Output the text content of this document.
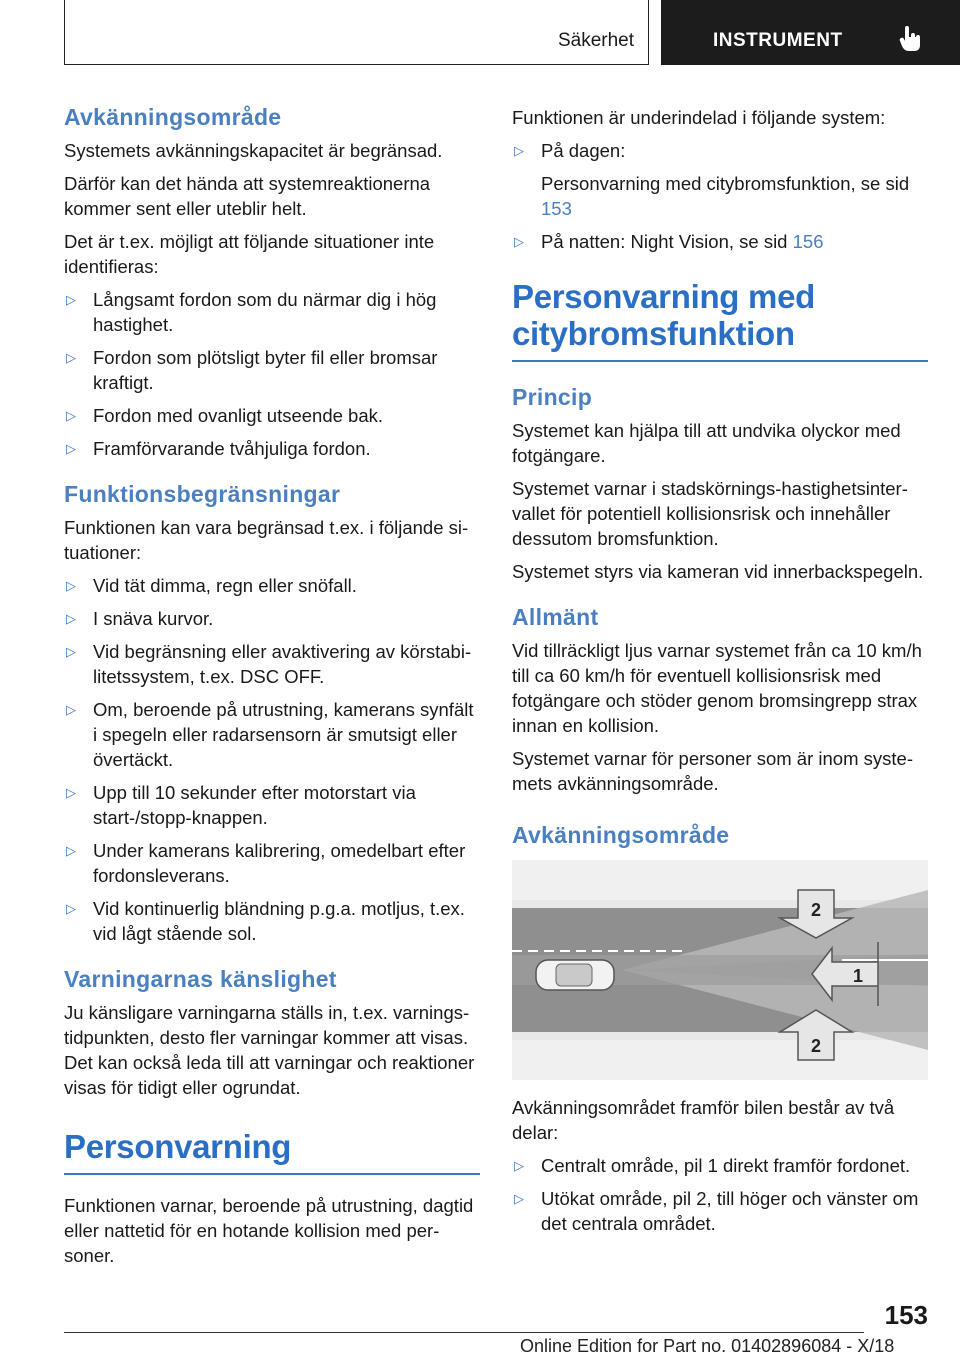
Säkerhet	INSTRUMENT
Avkänningsområde

Systemets avkänningskapacitet är begränsad.

Därför kan det hända att systemreaktionerna kommer sent eller uteblir helt.

Det är t.ex. möjligt att följande situationer inte identifieras:

▷ Långsamt fordon som du närmar dig i hög hastighet.
▷ Fordon som plötsligt byter fil eller bromsar kraftigt.
▷ Fordon med ovanligt utseende bak.
▷ Framförvarande tvåhjuliga fordon.
Funktionsbegränsningar

Funktionen kan vara begränsad t.ex. i följande situationer:

▷ Vid tät dimma, regn eller snöfall.
▷ I snäva kurvor.
▷ Vid begränsning eller avaktivering av körstabilitetssystem, t.ex. DSC OFF.
▷ Om, beroende på utrustning, kamerans synfält i spegeln eller radarsensorn är smutsigt eller övertäckt.
▷ Upp till 10 sekunder efter motorstart via start-/stopp-knappen.
▷ Under kamerans kalibrering, omedelbart efter fordonsleverans.
▷ Vid kontinuerlig bländning p.g.a. motljus, t.ex. vid lågt stående sol.
Varningarnas känslighet

Ju känsligare varningarna ställs in, t.ex. varningstidpunkten, desto fler varningar kommer att visas. Det kan också leda till att varningar och reaktioner visas för tidigt eller ogrundat.

Personvarning

Funktionen varnar, beroende på utrustning, dagtid eller nattetid för en hotande kollision med personer.

Funktionen är underindelad i följande system:

▷ På dagen:
Personvarning med citybromsfunktion, se sid 153
▷ På natten: Night Vision, se sid 156
Personvarning med citybromsfunktion
Princip

Systemet kan hjälpa till att undvika olyckor med fotgängare.

Systemet varnar i stadskörnings-hastighetsintervallet för potentiell kollisionsrisk och innehåller dessutom bromsfunktion.

Systemet styrs via kameran vid innerbackspegeln.

Allmänt

Vid tillräckligt ljus varnar systemet från ca 10 km/h till ca 60 km/h för eventuell kollisionsrisk med fotgängare och stöder genom bromsingrepp strax innan en kollision.

Systemet varnar för personer som är inom systemets avkänningsområde.

Avkänningsområde
2
1
2

Avkänningsområdet framför bilen består av två delar:

▷ Centralt område, pil 1 direkt framför fordonet.
▷ Utökat område, pil 2, till höger och vänster om det centrala området.
153
Online Edition for Part no. 01402896084 - X/18
